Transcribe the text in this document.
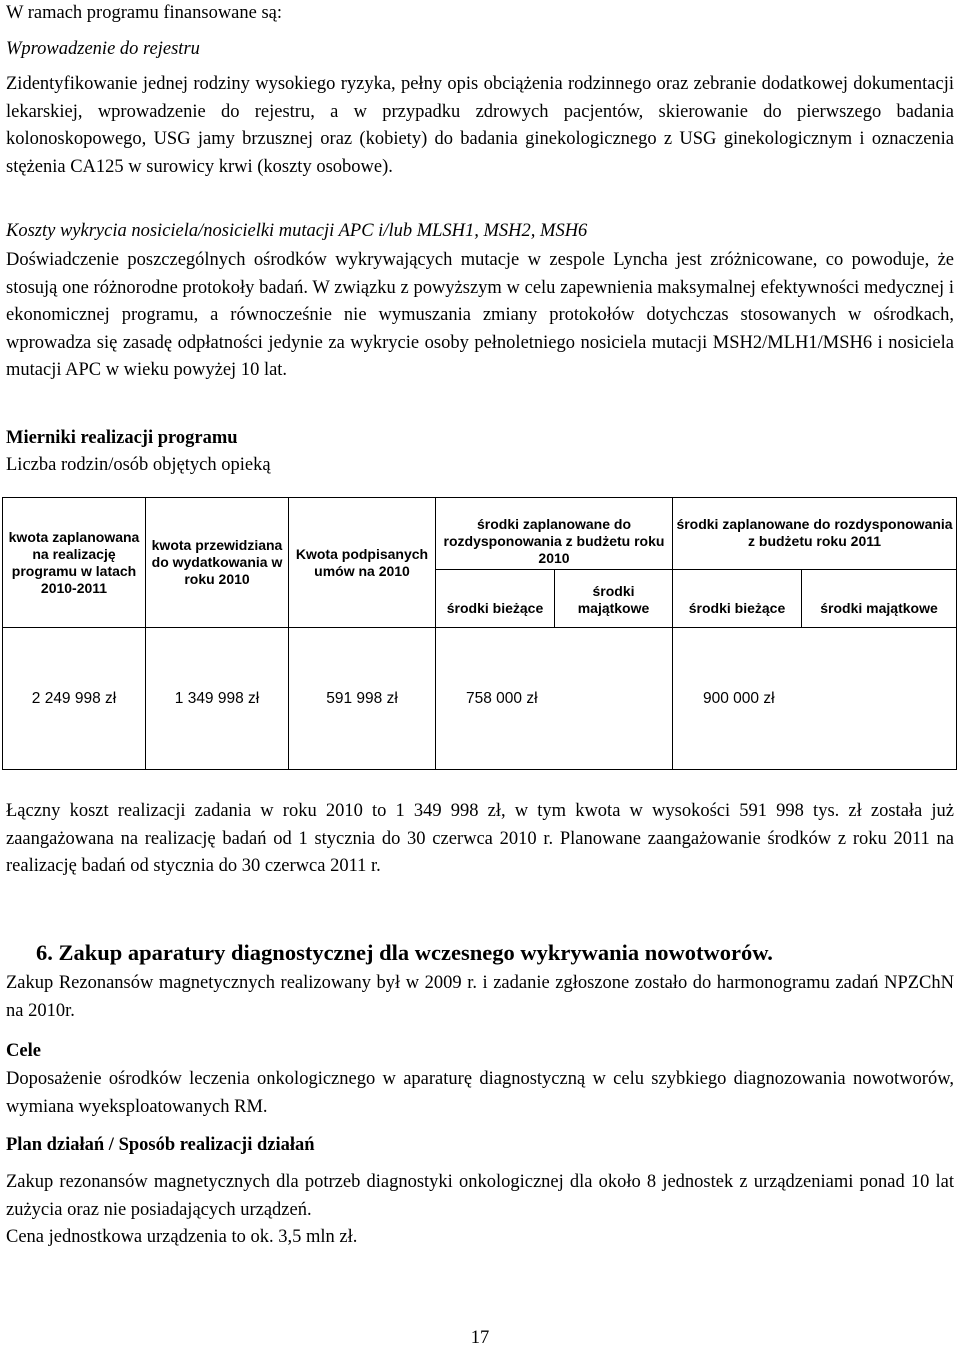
W ramach programu finansowane są:

Wprowadzenie do rejestru

Zidentyfikowanie jednej rodziny wysokiego ryzyka, pełny opis obciążenia rodzinnego oraz zebranie dodatkowej dokumentacji lekarskiej, wprowadzenie do rejestru, a w przypadku zdrowych pacjentów, skierowanie do pierwszego badania kolonoskopowego, USG jamy brzusznej oraz (kobiety) do badania ginekologicznego z USG ginekologicznym i oznaczenia stężenia CA125 w surowicy krwi (koszty osobowe).

Koszty wykrycia nosiciela/nosicielki mutacji APC i/lub MLSH1, MSH2, MSH6

Doświadczenie poszczególnych ośrodków wykrywających mutacje w zespole Lyncha jest zróżnicowane, co powoduje, że stosują one różnorodne protokoły badań. W związku z powyższym w celu zapewnienia maksymalnej efektywności medycznej i ekonomicznej programu, a równocześnie nie wymuszania zmiany protokołów dotychczas stosowanych w ośrodkach, wprowadza się zasadę odpłatności jedynie za wykrycie osoby pełnoletniego nosiciela mutacji MSH2/MLH1/MSH6 i nosiciela mutacji APC w wieku powyżej 10 lat.

Mierniki realizacji programu

Liczba rodzin/osób objętych opieką

kwota zaplanowana na realizację programu w latach 2010-2011	kwota przewidziana do wydatkowania w roku 2010	Kwota podpisanych umów na 2010	środki zaplanowane do rozdysponowania z budżetu roku 2010		środki zaplanowane do rozdysponowania z budżetu roku 2011	
			środki bieżące	środki majątkowe	środki bieżące	środki majątkowe
2 249 998 zł	1 349 998 zł	591 998 zł	758 000 zł		900 000 zł	

Łączny koszt realizacji zadania w roku 2010 to 1 349 998 zł, w tym kwota w wysokości 591 998 tys. zł została już zaangażowana na realizację badań od 1 stycznia do 30 czerwca 2010 r. Planowane zaangażowanie środków z roku 2011 na realizację badań od stycznia do 30 czerwca 2011 r.

6. Zakup aparatury diagnostycznej dla wczesnego wykrywania nowotworów.

Zakup Rezonansów magnetycznych realizowany był w 2009 r. i zadanie zgłoszone zostało do harmonogramu zadań NPZChN na 2010r.

Cele

Doposażenie ośrodków leczenia onkologicznego w aparaturę diagnostyczną w celu szybkiego diagnozowania nowotworów, wymiana wyeksploatowanych RM.

Plan działań / Sposób realizacji działań

Zakup rezonansów magnetycznych dla potrzeb diagnostyki onkologicznej dla około 8 jednostek z urządzeniami ponad 10 lat zużycia oraz nie posiadających urządzeń.

Cena jednostkowa urządzenia to ok. 3,5 mln zł.

17
